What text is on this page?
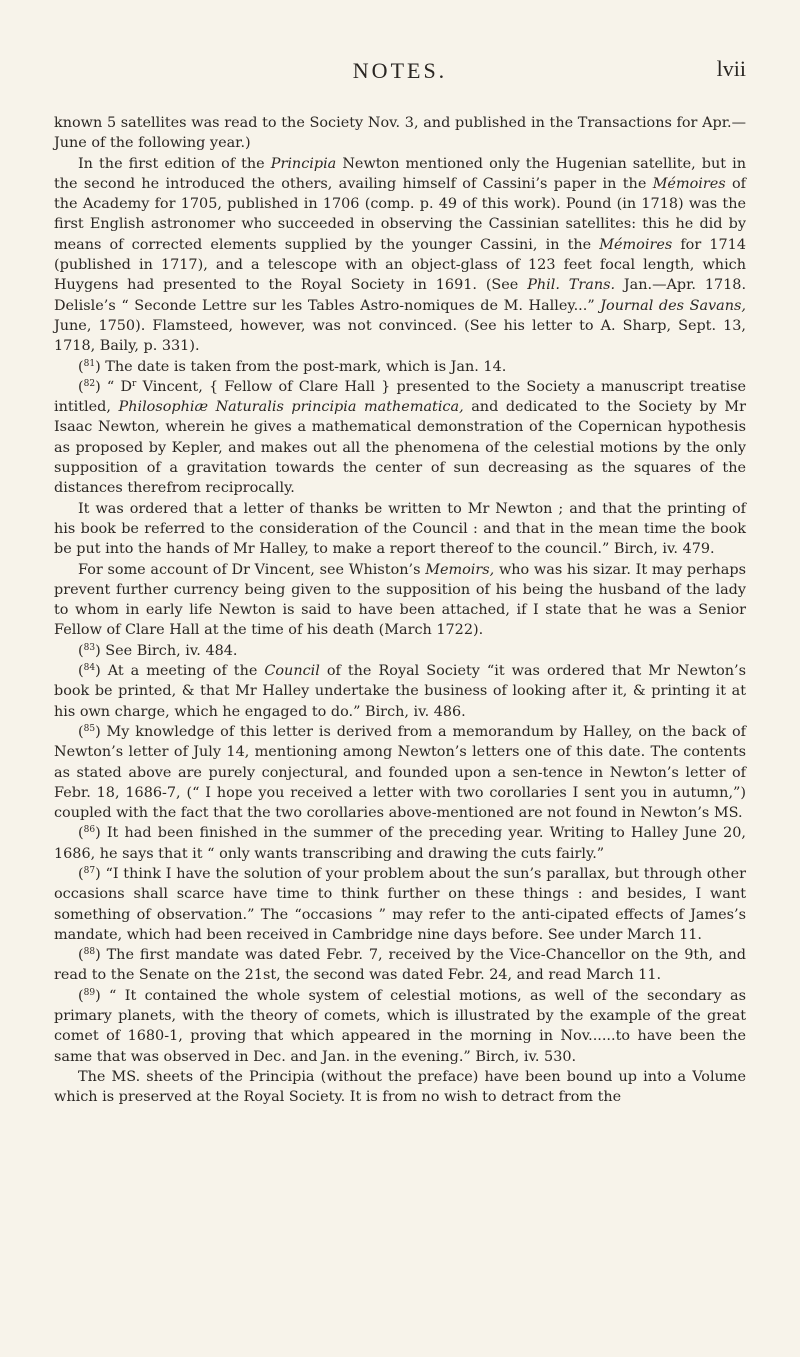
NOTES.	lvii

known 5 satellites was read to the Society Nov. 3, and published in the Transactions for Apr.—June of the following year.)

In the first edition of the Principia Newton mentioned only the Hugenian satellite, but in the second he introduced the others, availing himself of Cassini’s paper in the Mémoires of the Academy for 1705, published in 1706 (comp. p. 49 of this work). Pound (in 1718) was the first English astronomer who succeeded in observing the Cassinian satellites: this he did by means of corrected elements supplied by the younger Cassini, in the Mémoires for 1714 (published in 1717), and a telescope with an object-glass of 123 feet focal length, which Huygens had presented to the Royal Society in 1691. (See Phil. Trans. Jan.—Apr. 1718. Delisle’s “ Seconde Lettre sur les Tables Astro-nomiques de M. Halley...” Journal des Savans, June, 1750). Flamsteed, however, was not convinced. (See his letter to A. Sharp, Sept. 13, 1718, Baily, p. 331).

($^{81}$) The date is taken from the post-mark, which is Jan. 14.

($^{82}$) “ $D^r$ Vincent, { Fellow of Clare Hall } presented to the Society a manuscript treatise intitled, Philosophiæ Naturalis principia mathematica, and dedicated to the Society by Mr Isaac Newton, wherein he gives a mathematical demonstration of the Copernican hypothesis as proposed by Kepler, and makes out all the phenomena of the celestial motions by the only supposition of a gravitation towards the center of sun decreasing as the squares of the distances therefrom reciprocally.

It was ordered that a letter of thanks be written to Mr Newton ; and that the printing of his book be referred to the consideration of the Council : and that in the mean time the book be put into the hands of Mr Halley, to make a report thereof to the council.” Birch, iv. 479.

For some account of Dr Vincent, see Whiston’s Memoirs, who was his sizar. It may perhaps prevent further currency being given to the supposition of his being the husband of the lady to whom in early life Newton is said to have been attached, if I state that he was a Senior Fellow of Clare Hall at the time of his death (March 1722).

($^{83}$) See Birch, iv. 484.

($^{84}$) At a meeting of the Council of the Royal Society “it was ordered that Mr Newton’s book be printed, & that Mr Halley undertake the business of looking after it, & printing it at his own charge, which he engaged to do.” Birch, iv. 486.

($^{85}$) My knowledge of this letter is derived from a memorandum by Halley, on the back of Newton’s letter of July 14, mentioning among Newton’s letters one of this date. The contents as stated above are purely conjectural, and founded upon a sen-tence in Newton’s letter of Febr. 18, 1686-7, (“ I hope you received a letter with two corollaries I sent you in autumn,”) coupled with the fact that the two corollaries above-mentioned are not found in Newton’s MS.

($^{86}$) It had been finished in the summer of the preceding year. Writing to Halley June 20, 1686, he says that it “ only wants transcribing and drawing the cuts fairly.”

($^{87}$) “I think I have the solution of your problem about the sun’s parallax, but through other occasions shall scarce have time to think further on these things : and besides, I want something of observation.” The “occasions ” may refer to the anti-cipated effects of James’s mandate, which had been received in Cambridge nine days before. See under March 11.

($^{88}$) The first mandate was dated Febr. 7, received by the Vice-Chancellor on the 9th, and read to the Senate on the 21st, the second was dated Febr. 24, and read March 11.

($^{89}$) “ It contained the whole system of celestial motions, as well of the secondary as primary planets, with the theory of comets, which is illustrated by the example of the great comet of 1680-1, proving that which appeared in the morning in Nov......to have been the same that was observed in Dec. and Jan. in the evening.” Birch, iv. 530.

The MS. sheets of the Principia (without the preface) have been bound up into a Volume which is preserved at the Royal Society. It is from no wish to detract from the
